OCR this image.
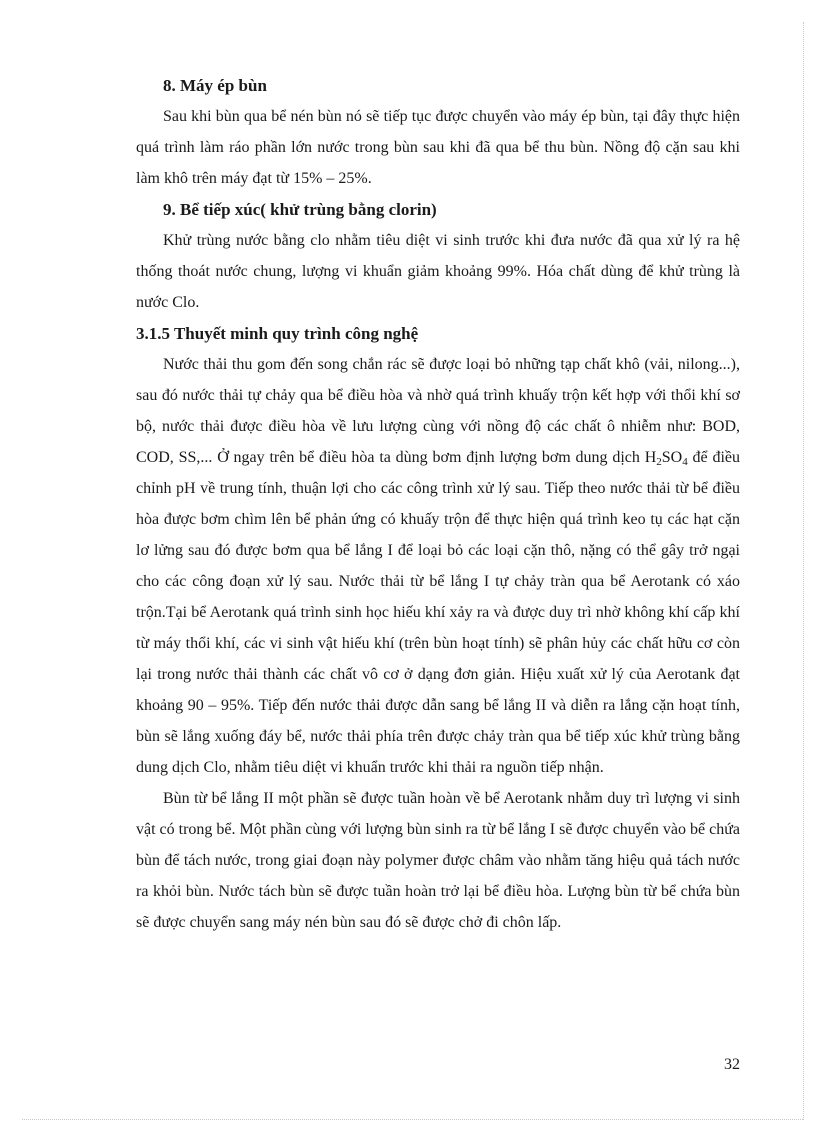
8. Máy ép bùn

Sau khi bùn qua bể nén bùn nó sẽ tiếp tục được chuyển vào máy ép bùn, tại đây thực hiện quá trình làm ráo phần lớn nước trong bùn sau khi đã qua bể thu bùn. Nồng độ cặn sau khi làm khô trên máy đạt từ 15% – 25%.

9. Bể tiếp xúc( khử trùng bằng clorin)

Khử trùng nước bằng clo nhằm tiêu diệt vi sinh trước khi đưa nước đã qua xử lý ra hệ thống thoát nước chung, lượng vi khuẩn giảm khoảng 99%. Hóa chất dùng để khử trùng là nước Clo.

3.1.5 Thuyết minh quy trình công nghệ

Nước thải thu gom đến song chắn rác sẽ được loại bỏ những tạp chất khô (vải, nilong...), sau đó nước thải tự chảy qua bể điều hòa và nhờ quá trình khuấy trộn kết hợp với thổi khí sơ bộ, nước thải được điều hòa về lưu lượng cùng với nồng độ các chất ô nhiễm như: BOD, COD, SS,... Ở ngay trên bể điều hòa ta dùng bơm định lượng bơm dung dịch $H_2SO_4$ để điều chỉnh pH về trung tính, thuận lợi cho các công trình xử lý sau. Tiếp theo nước thải từ bể điều hòa được bơm chìm lên bể phản ứng có khuấy trộn để thực hiện quá trình keo tụ các hạt cặn lơ lửng sau đó được bơm qua bể lắng I để loại bỏ các loại cặn thô, nặng có thể gây trở ngại cho các công đoạn xử lý sau. Nước thải từ bể lắng I tự chảy tràn qua bể Aerotank có xáo trộn.Tại bể Aerotank quá trình sinh học hiếu khí xảy ra và được duy trì nhờ không khí cấp khí từ máy thổi khí, các vi sinh vật hiếu khí (trên bùn hoạt tính) sẽ phân hủy các chất hữu cơ còn lại trong nước thải thành các chất vô cơ ở dạng đơn giản. Hiệu xuất xử lý của Aerotank đạt khoảng 90 – 95%. Tiếp đến nước thải được dẫn sang bể lắng II và diễn ra lắng cặn hoạt tính, bùn sẽ lắng xuống đáy bể, nước thải phía trên được chảy tràn qua bể tiếp xúc khử trùng bằng dung dịch Clo, nhằm tiêu diệt vi khuẩn trước khi thải ra nguồn tiếp nhận.

Bùn từ bể lắng II một phần sẽ được tuần hoàn về bể Aerotank nhằm duy trì lượng vi sinh vật có trong bể. Một phần cùng với lượng bùn sinh ra từ bể lắng I sẽ được chuyển vào bể chứa bùn để tách nước, trong giai đoạn này polymer được châm vào nhằm tăng hiệu quả tách nước ra khỏi bùn. Nước tách bùn sẽ được tuần hoàn trở lại bể điều hòa. Lượng bùn từ bể chứa bùn sẽ được chuyển sang máy nén bùn sau đó sẽ được chở đi chôn lấp.

32
